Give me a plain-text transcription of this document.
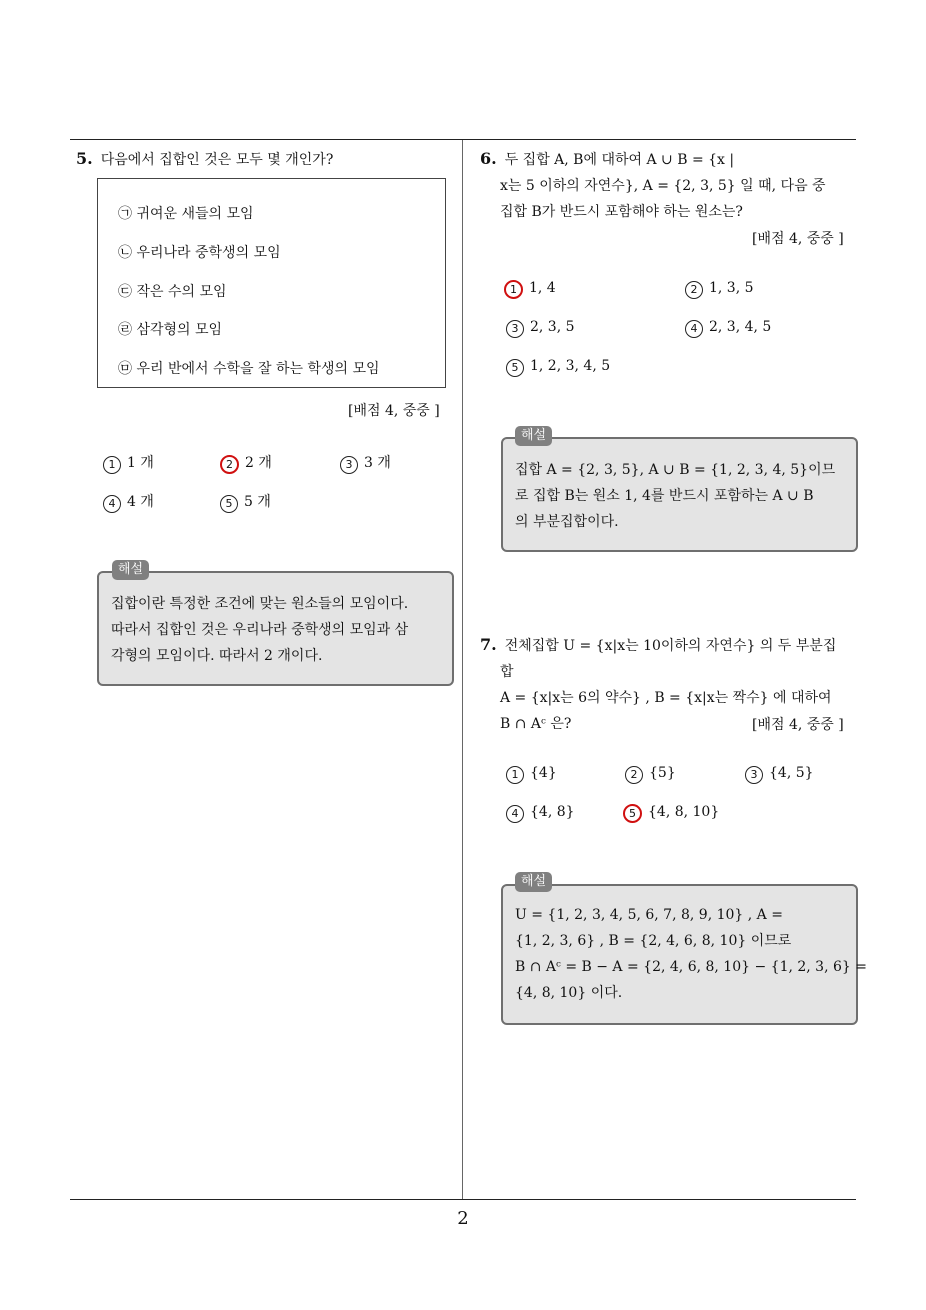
5. 다음에서 집합인 것은 모두 몇 개인가?
㉠ 귀여운 새들의 모임
㉡ 우리나라 중학생의 모임
㉢ 작은 수의 모임
㉣ 삼각형의 모임
㉤ 우리 반에서 수학을 잘 하는 학생의 모임
[배점 4, 중중 ]
1 1 개	2 2 개	3 3 개
4 4 개	5 5 개
집합이란 특정한 조건에 맞는 원소들의 모임이다.
따라서 집합인 것은 우리나라 중학생의 모임과 삼
각형의 모임이다. 따라서 2 개이다.
해설
6. 두 집합 A, B에 대하여 A ∪ B = {x |
x는 5 이하의 자연수}, A = {2, 3, 5} 일 때, 다음 중
집합 B가 반드시 포함해야 하는 원소는?
[배점 4, 중중 ]
1 1, 4	2 1, 3, 5
3 2, 3, 5	4 2, 3, 4, 5
5 1, 2, 3, 4, 5
집합 A = {2, 3, 5}, A ∪ B = {1, 2, 3, 4, 5}이므
로 집합 B는 원소 1, 4를 반드시 포함하는 A ∪ B
의 부분집합이다.
해설
7. 전체집합 U = {x|x는 10이하의 자연수} 의 두 부분집
합
A = {x|x는 6의 약수} , B = {x|x는 짝수} 에 대하여
B ∩ Aᶜ 은?	[배점 4, 중중 ]
1 {4}	2 {5}	3 {4, 5}
4 {4, 8}	5 {4, 8, 10}
U = {1, 2, 3, 4, 5, 6, 7, 8, 9, 10} , A =
{1, 2, 3, 6} , B = {2, 4, 6, 8, 10} 이므로
B ∩ Aᶜ = B − A = {2, 4, 6, 8, 10} − {1, 2, 3, 6} =
{4, 8, 10} 이다.
해설
2
